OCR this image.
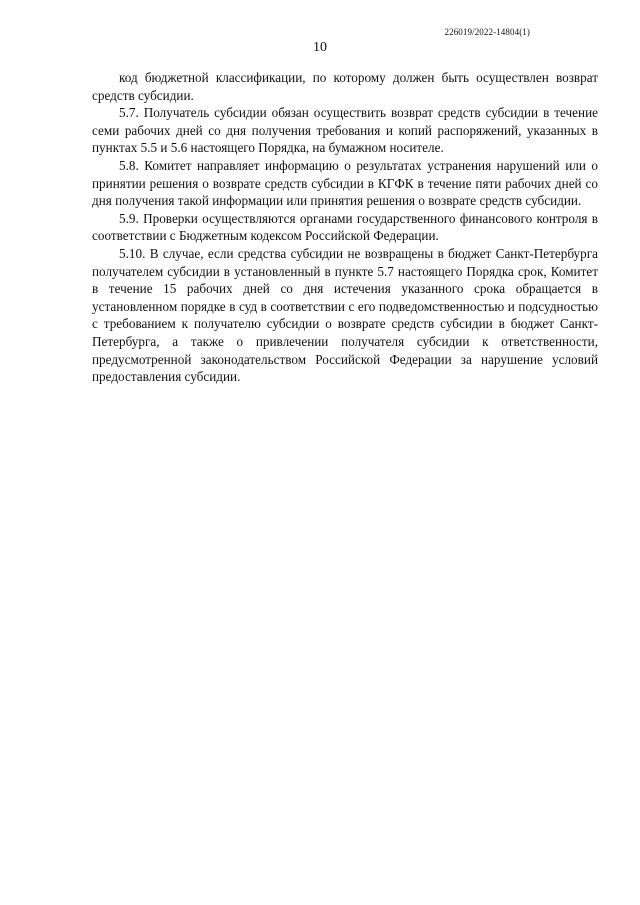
226019/2022-14804(1)
10

код бюджетной классификации, по которому должен быть осуществлен возврат средств субсидии.

5.7. Получатель субсидии обязан осуществить возврат средств субсидии в течение семи рабочих дней со дня получения требования и копий распоряжений, указанных в пунктах 5.5 и 5.6 настоящего Порядка, на бумажном носителе.

5.8. Комитет направляет информацию о результатах устранения нарушений или о принятии решения о возврате средств субсидии в КГФК в течение пяти рабочих дней со дня получения такой информации или принятия решения о возврате средств субсидии.

5.9. Проверки осуществляются органами государственного финансового контроля в соответствии с Бюджетным кодексом Российской Федерации.

5.10. В случае, если средства субсидии не возвращены в бюджет Санкт-Петербурга получателем субсидии в установленный в пункте 5.7 настоящего Порядка срок, Комитет в течение 15 рабочих дней со дня истечения указанного срока обращается в установленном порядке в суд в соответствии с его подведомственностью и подсудностью с требованием к получателю субсидии о возврате средств субсидии в бюджет Санкт-Петербурга, а также о привлечении получателя субсидии к ответственности, предусмотренной законодательством Российской Федерации за нарушение условий предоставления субсидии.
